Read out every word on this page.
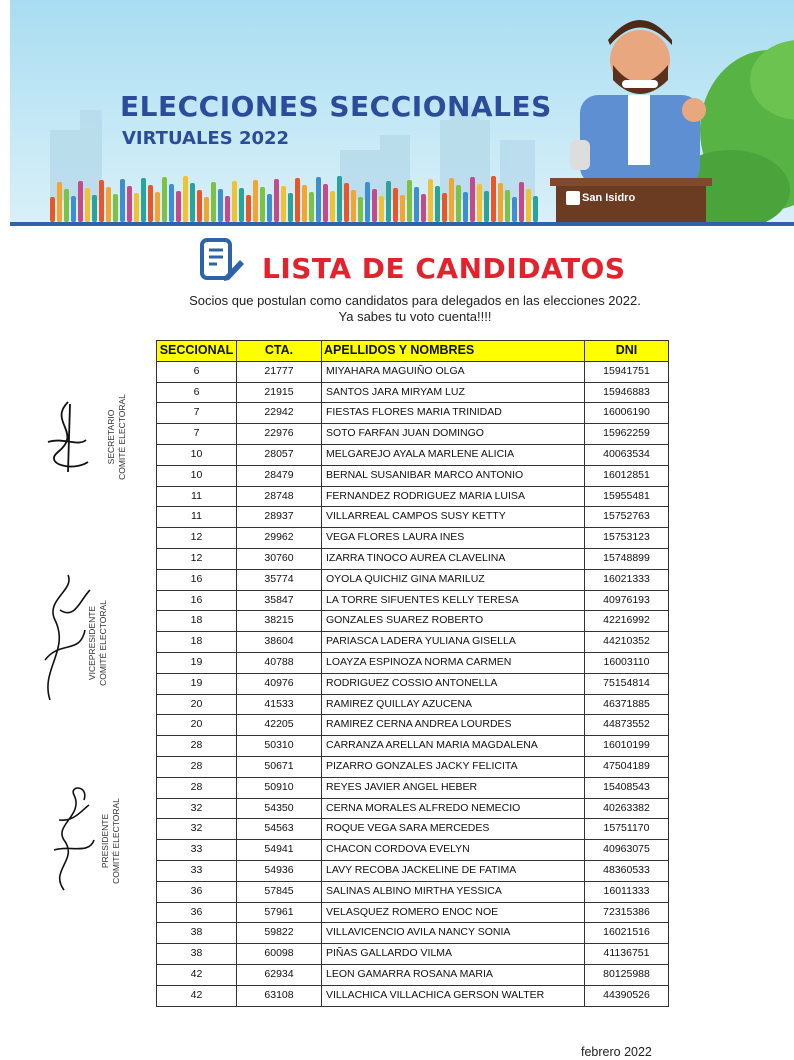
ELECCIONES SECCIONALES
VIRTUALES 2022
San Isidro
LISTA DE CANDIDATOS
Socios que postulan como candidatos para delegados en las elecciones 2022.
Ya sabes tu voto cuenta!!!!
SECCIONAL	CTA.	APELLIDOS Y NOMBRES	DNI
6	21777	MIYAHARA MAGUIÑO OLGA	15941751
6	21915	SANTOS JARA MIRYAM LUZ	15946883
7	22942	FIESTAS FLORES MARIA TRINIDAD	16006190
7	22976	SOTO FARFAN JUAN DOMINGO	15962259
10	28057	MELGAREJO AYALA MARLENE ALICIA	40063534
10	28479	BERNAL SUSANIBAR MARCO ANTONIO	16012851
11	28748	FERNANDEZ RODRIGUEZ MARIA LUISA	15955481
11	28937	VILLARREAL CAMPOS SUSY KETTY	15752763
12	29962	VEGA FLORES LAURA INES	15753123
12	30760	IZARRA TINOCO AUREA CLAVELINA	15748899
16	35774	OYOLA QUICHIZ GINA MARILUZ	16021333
16	35847	LA TORRE SIFUENTES KELLY TERESA	40976193
18	38215	GONZALES SUAREZ ROBERTO	42216992
18	38604	PARIASCA LADERA YULIANA GISELLA	44210352
19	40788	LOAYZA ESPINOZA NORMA CARMEN	16003110
19	40976	RODRIGUEZ COSSIO ANTONELLA	75154814
20	41533	RAMIREZ QUILLAY AZUCENA	46371885
20	42205	RAMIREZ CERNA ANDREA LOURDES	44873552
28	50310	CARRANZA ARELLAN MARIA MAGDALENA	16010199
28	50671	PIZARRO GONZALES JACKY FELICITA	47504189
28	50910	REYES JAVIER ANGEL HEBER	15408543
32	54350	CERNA MORALES ALFREDO NEMECIO	40263382
32	54563	ROQUE VEGA SARA MERCEDES	15751170
33	54941	CHACON CORDOVA EVELYN	40963075
33	54936	LAVY RECOBA JACKELINE DE FATIMA	48360533
36	57845	SALINAS ALBINO MIRTHA YESSICA	16011333
36	57961	VELASQUEZ ROMERO ENOC NOE	72315386
38	59822	VILLAVICENCIO AVILA NANCY SONIA	16021516
38	60098	PIÑAS GALLARDO VILMA	41136751
42	62934	LEON GAMARRA ROSANA MARIA	80125988
42	63108	VILLACHICA VILLACHICA GERSON WALTER	44390526
SECRETARIO COMITÉ ELECTORAL
VICEPRESIDENTE COMITÉ ELECTORAL
PRESIDENTE COMITÉ ELECTORAL
febrero 2022
